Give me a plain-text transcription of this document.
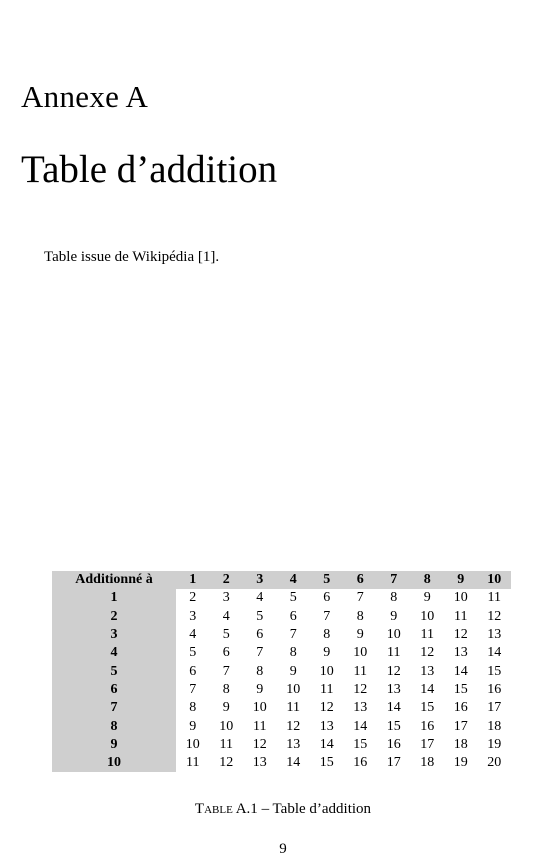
Annexe A
Table d’addition
Table issue de Wikipédia [1].
Additionné à	1	2	3	4	5	6	7	8	9	10
1	2	3	4	5	6	7	8	9	10	11
2	3	4	5	6	7	8	9	10	11	12
3	4	5	6	7	8	9	10	11	12	13
4	5	6	7	8	9	10	11	12	13	14
5	6	7	8	9	10	11	12	13	14	15
6	7	8	9	10	11	12	13	14	15	16
7	8	9	10	11	12	13	14	15	16	17
8	9	10	11	12	13	14	15	16	17	18
9	10	11	12	13	14	15	16	17	18	19
10	11	12	13	14	15	16	17	18	19	20
Table A.1 – Table d’addition
9
